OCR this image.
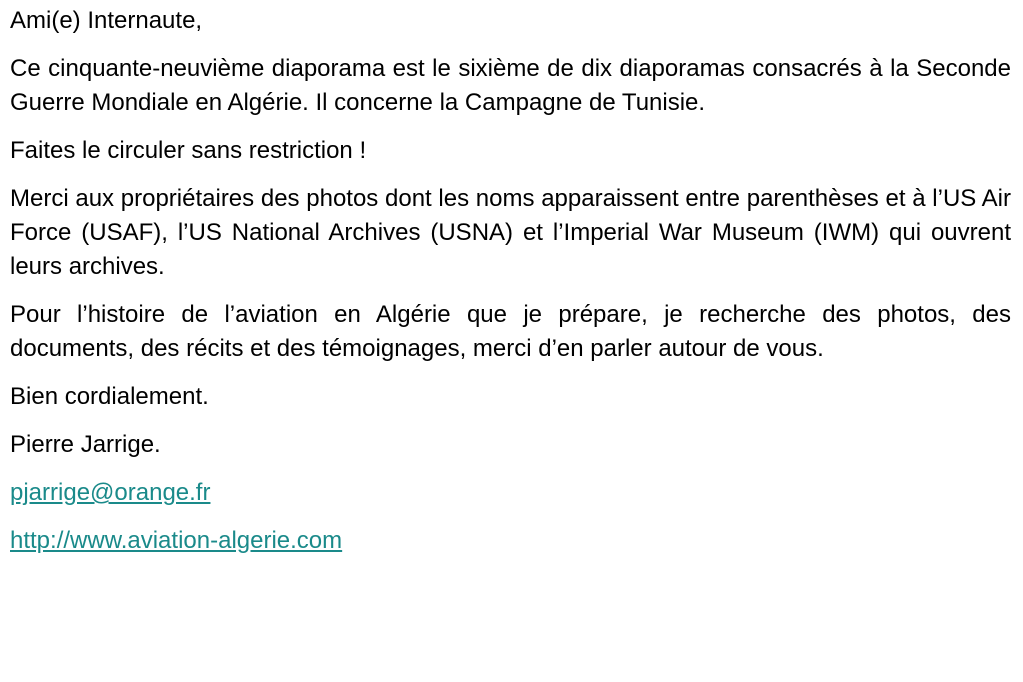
Ami(e) Internaute,

Ce cinquante-neuvième diaporama est le sixième de dix diaporamas consacrés à la Seconde Guerre Mondiale en Algérie. Il concerne la Campagne de Tunisie.

Faites le circuler sans restriction !

Merci aux propriétaires des photos dont les noms apparaissent entre parenthèses et à l’US Air Force (USAF), l’US National Archives (USNA) et l’Imperial War Museum (IWM) qui ouvrent leurs archives.

Pour l’histoire de l’aviation en Algérie que je prépare, je recherche des photos, des documents, des récits et des témoignages, merci d’en parler autour de vous.

Bien cordialement.

Pierre Jarrige.

pjarrige@orange.fr

http://www.aviation-algerie.com
